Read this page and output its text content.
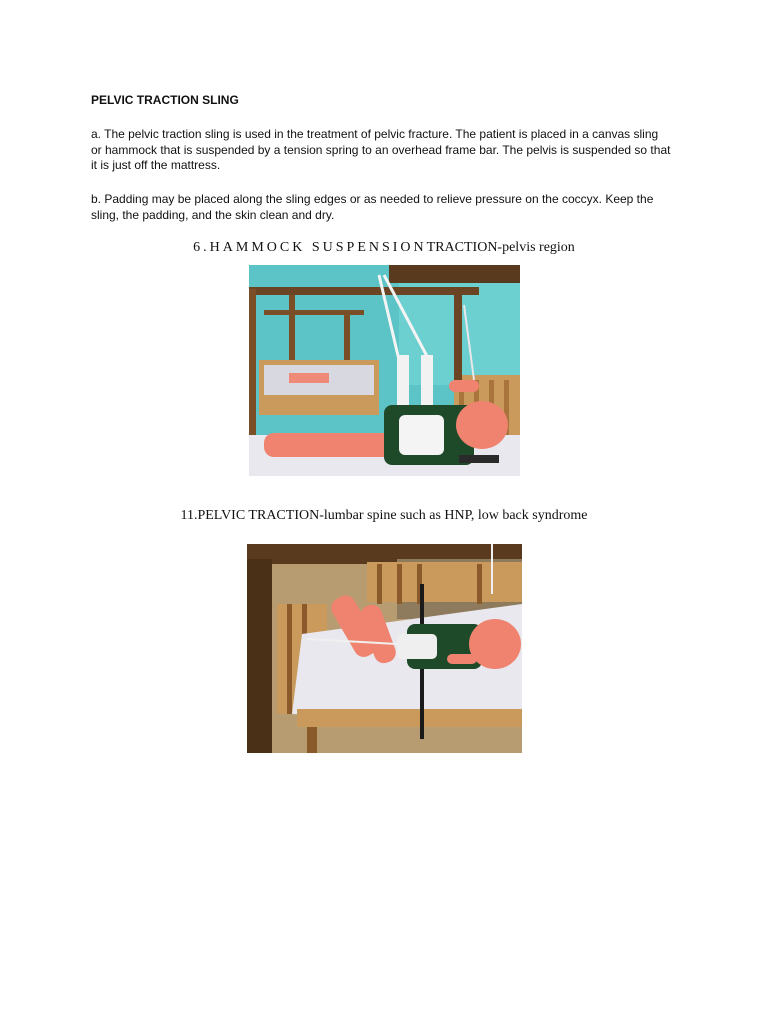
PELVIC TRACTION SLING
a. The pelvic traction sling is used in the treatment of pelvic fracture. The patient is placed in a canvas sling or hammock that is suspended by a tension spring to an overhead frame bar. The pelvis is suspended so that it is just off the mattress.
b. Padding may be placed along the sling edges or as needed to relieve pressure on the coccyx. Keep the sling, the padding, and the skin clean and dry.
6.HAMMOCK SUSPENSIONTRACTION-pelvis region
11.PELVIC TRACTION-lumbar spine such as HNP, low back syndrome
